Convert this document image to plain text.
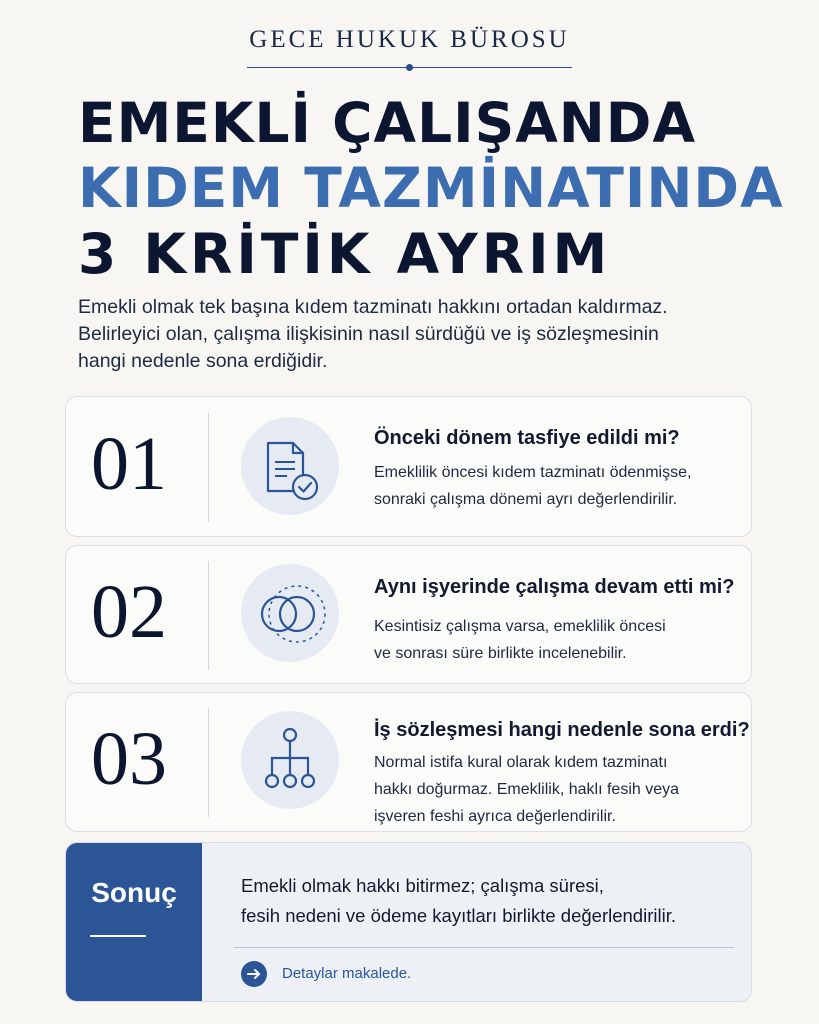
GECE HUKUK BÜROSU
EMEKLİ ÇALIŞANDA
KIDEM TAZMİNATINDA
3 KRİTİK AYRIM
Emekli olmak tek başına kıdem tazminatı hakkını ortadan kaldırmaz.
Belirleyici olan, çalışma ilişkisinin nasıl sürdüğü ve iş sözleşmesinin
hangi nedenle sona erdiğidir.
01	Önceki dönem tasfiye edildi mi?
Emeklilik öncesi kıdem tazminatı ödenmişse,
sonraki çalışma dönemi ayrı değerlendirilir.
02	Aynı işyerinde çalışma devam etti mi?
Kesintisiz çalışma varsa, emeklilik öncesi
ve sonrası süre birlikte incelenebilir.
03	İş sözleşmesi hangi nedenle sona erdi?
Normal istifa kural olarak kıdem tazminatı
hakkı doğurmaz. Emeklilik, haklı fesih veya
işveren feshi ayrıca değerlendirilir.
Sonuç	Emekli olmak hakkı bitirmez; çalışma süresi,
fesih nedeni ve ödeme kayıtları birlikte değerlendirilir.
Detaylar makalede.
